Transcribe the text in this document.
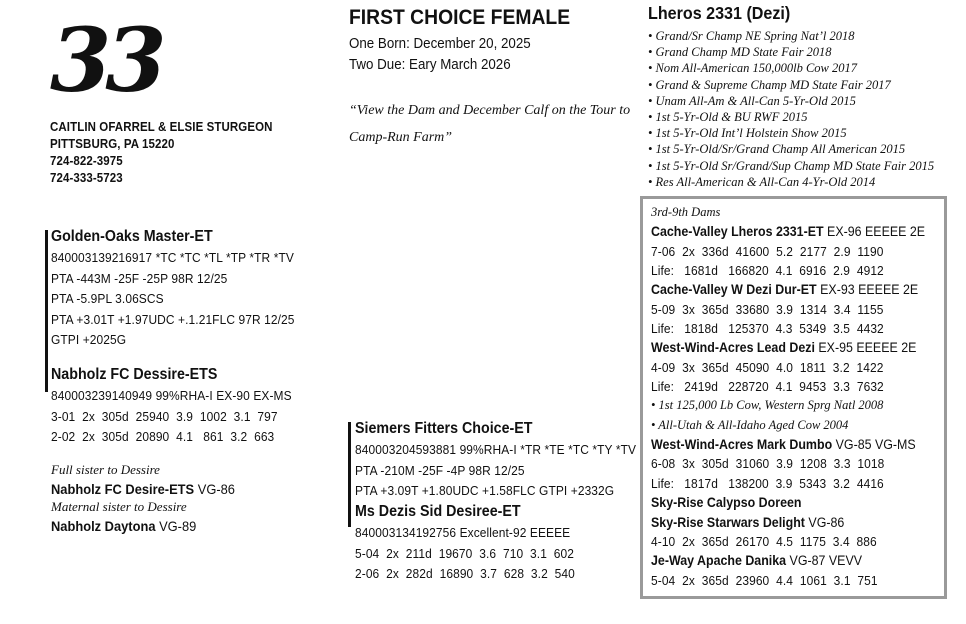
33
CAITLIN OFARREL & ELSIE STURGEON
PITTSBURG, PA 15220
724-822-3975
724-333-5723
FIRST CHOICE FEMALE
One Born: December 20, 2025
Two Due: Eary March 2026
“View the Dam and December Calf on the Tour to Camp-Run Farm”
Lheros 2331 (Dezi)
• Grand/Sr Champ NE Spring Nat’l 2018
• Grand Champ MD State Fair 2018
• Nom All-American 150,000lb Cow 2017
• Grand & Supreme Champ MD State Fair 2017
• Unam All-Am & All-Can 5-Yr-Old 2015
• 1st 5-Yr-Old & BU RWF 2015
• 1st 5-Yr-Old Int’l Holstein Show 2015
• 1st 5-Yr-Old/Sr/Grand Champ All American 2015
• 1st 5-Yr-Old Sr/Grand/Sup Champ MD State Fair 2015
• Res All-American & All-Can 4-Yr-Old 2014
Golden-Oaks Master-ET
840003139216917 *TC *TC *TL *TP *TR *TV
PTA -443M -25F -25P 98R 12/25
PTA -5.9PL 3.06SCS
PTA +3.01T +1.97UDC +.1.21FLC 97R 12/25
GTPI +2025G
Nabholz FC Dessire-ETS
840003239140949 99%RHA-I EX-90 EX-MS
3-01  2x  305d  25940  3.9  1002  3.1  797
2-02  2x  305d  20890  4.1   861  3.2  663
Full sister to Dessire
Nabholz FC Desire-ETS VG-86
Maternal sister to Dessire
Nabholz Daytona VG-89
Siemers Fitters Choice-ET
840003204593881 99%RHA-I *TR *TE *TC *TY *TV
PTA -210M -25F -4P 98R 12/25
PTA +3.09T +1.80UDC +1.58FLC GTPI +2332G
Ms Dezis Sid Desiree-ET
840003134192756 Excellent-92 EEEEE
5-04  2x  211d  19670  3.6  710  3.1  602
2-06  2x  282d  16890  3.7  628  3.2  540
3rd-9th Dams
Cache-Valley Lheros 2331-ET EX-96 EEEEE 2E
7-06  2x  336d  41600  5.2  2177  2.9  1190
Life:   1681d   166820  4.1  6916  2.9  4912
Cache-Valley W Dezi Dur-ET EX-93 EEEEE 2E
5-09  3x  365d  33680  3.9  1314  3.4  1155
Life:   1818d   125370  4.3  5349  3.5  4432
West-Wind-Acres Lead Dezi EX-95 EEEEE 2E
4-09  3x  365d  45090  4.0  1811  3.2  1422
Life:   2419d   228720  4.1  9453  3.3  7632
• 1st 125,000 Lb Cow, Western Sprg Natl 2008
• All-Utah & All-Idaho Aged Cow 2004
West-Wind-Acres Mark Dumbo VG-85 VG-MS
6-08  3x  305d  31060  3.9  1208  3.3  1018
Life:   1817d   138200  3.9  5343  3.2  4416
Sky-Rise Calypso Doreen
Sky-Rise Starwars Delight VG-86
4-10  2x  365d  26170  4.5  1175  3.4  886
Je-Way Apache Danika VG-87 VEVV
5-04  2x  365d  23960  4.4  1061  3.1  751
